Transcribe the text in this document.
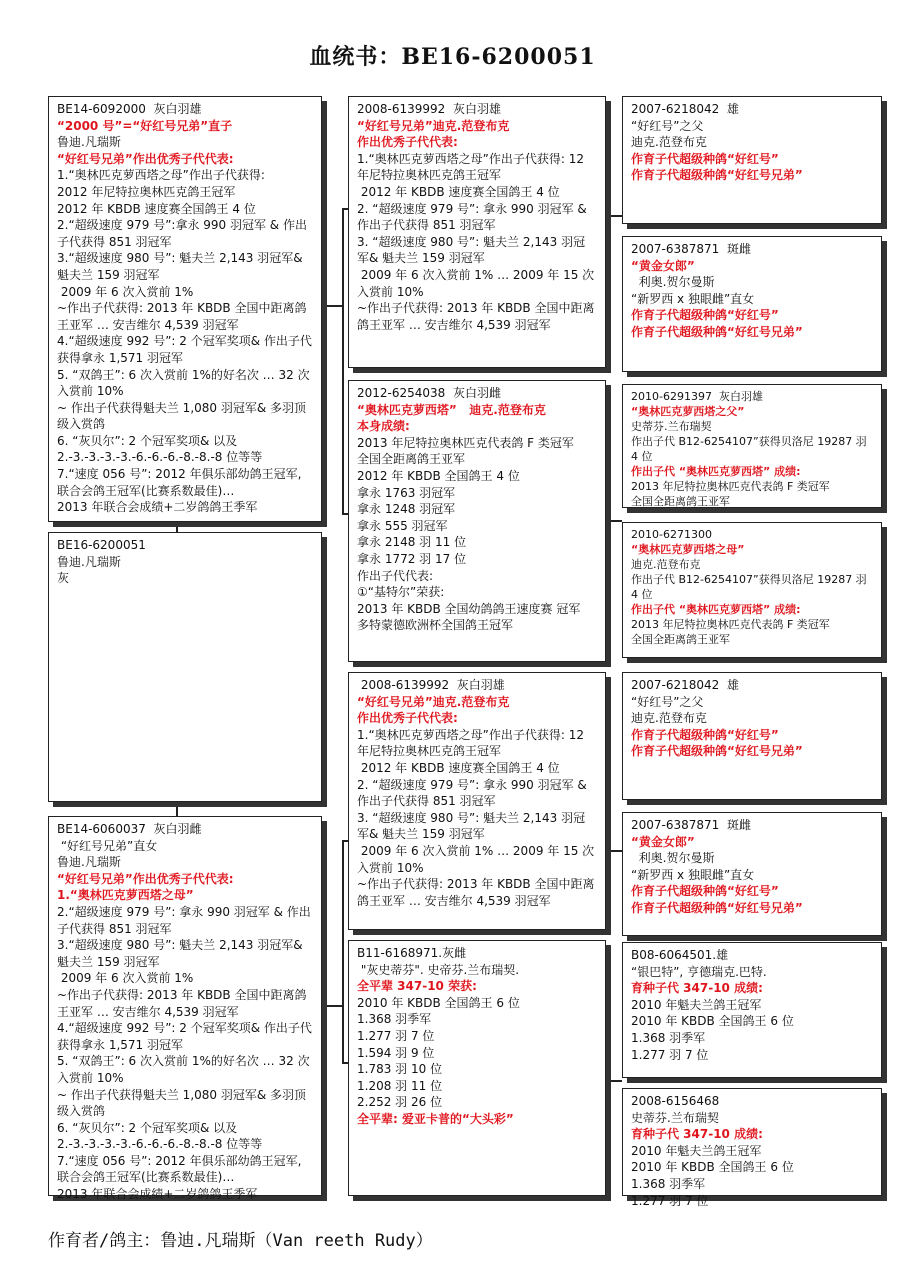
血统书：BE16-6200051
BE14-6092000  灰白羽雄
“2000 号”=“好红号兄弟”直子
鲁迪.凡瑞斯
“好红号兄弟”作出优秀子代代表:
1.“奥林匹克萝西塔之母”作出子代获得:
2012 年尼特拉奥林匹克鸽王冠军
2012 年 KBDB 速度赛全国鸽王 4 位
2.“超级速度 979 号”:拿永 990 羽冠军 & 作出子代获得 851 羽冠军
3.“超级速度 980 号”: 魁夫兰 2,143 羽冠军& 魁夫兰 159 羽冠军
2009 年 6 次入赏前 1%
~作出子代获得: 2013 年 KBDB 全国中距离鸽王亚军 … 安吉维尔 4,539 羽冠军
4.“超级速度 992 号”: 2 个冠军奖项& 作出子代获得拿永 1,571 羽冠军
5. “双鸽王”: 6 次入赏前 1%的好名次 … 32 次入赏前 10%
~ 作出子代获得魁夫兰 1,080 羽冠军& 多羽顶级入赏鸽
6. “灰贝尔”: 2 个冠军奖项& 以及 2.-3.-3.-3.-3.-6.-6.-6.-8.-8.-8 位等等
7.“速度 056 号”: 2012 年俱乐部幼鸽王冠军,联合会鸽王冠军(比赛系数最佳)…
2013 年联合会成绩+二岁鸽鸽王季军
BE16-6200051
鲁迪.凡瑞斯
灰
BE14-6060037  灰白羽雌
“好红号兄弟”直女
鲁迪.凡瑞斯
“好红号兄弟”作出优秀子代代表:
1.“奥林匹克萝西塔之母”
2.“超级速度 979 号”: 拿永 990 羽冠军 & 作出子代获得 851 羽冠军
3.“超级速度 980 号”: 魁夫兰 2,143 羽冠军& 魁夫兰 159 羽冠军
2009 年 6 次入赏前 1%
~作出子代获得: 2013 年 KBDB 全国中距离鸽王亚军 … 安吉维尔 4,539 羽冠军
4.“超级速度 992 号”: 2 个冠军奖项& 作出子代获得拿永 1,571 羽冠军
5. “双鸽王”: 6 次入赏前 1%的好名次 … 32 次入赏前 10%
~ 作出子代获得魁夫兰 1,080 羽冠军& 多羽顶级入赏鸽
6. “灰贝尔”: 2 个冠军奖项& 以及 2.-3.-3.-3.-3.-6.-6.-6.-8.-8.-8 位等等
7.“速度 056 号”: 2012 年俱乐部幼鸽王冠军,联合会鸽王冠军(比赛系数最佳)…
2013 年联合会成绩+二岁鸽鸽王季军
2008-6139992  灰白羽雄
“好红号兄弟”迪克.范登布克
作出优秀子代代表:
1.“奥林匹克萝西塔之母”作出子代获得: 12 年尼特拉奥林匹克鸽王冠军
2012 年 KBDB 速度赛全国鸽王 4 位
2. “超级速度 979 号”: 拿永 990 羽冠军 & 作出子代获得 851 羽冠军
3. “超级速度 980 号”: 魁夫兰 2,143 羽冠军& 魁夫兰 159 羽冠军
2009 年 6 次入赏前 1% … 2009 年 15 次入赏前 10%
~作出子代获得: 2013 年 KBDB 全国中距离鸽王亚军 … 安吉维尔 4,539 羽冠军
2012-6254038  灰白羽雌
“奥林匹克萝西塔”   迪克.范登布克
本身成绩:
2013 年尼特拉奥林匹克代表鸽 F 类冠军
全国全距离鸽王亚军
2012 年 KBDB 全国鸽王 4 位
拿永 1763 羽冠军
拿永 1248 羽冠军
拿永 555 羽冠军
拿永 2148 羽 11 位
拿永 1772 羽 17 位
作出子代代表:
①“基特尔”荣获:
2013 年 KBDB 全国幼鸽鸽王速度赛 冠军
多特蒙德欧洲杯全国鸽王冠军
2008-6139992  灰白羽雄
“好红号兄弟”迪克.范登布克
作出优秀子代代表:
1.“奥林匹克萝西塔之母”作出子代获得: 12 年尼特拉奥林匹克鸽王冠军
2012 年 KBDB 速度赛全国鸽王 4 位
2. “超级速度 979 号”: 拿永 990 羽冠军 & 作出子代获得 851 羽冠军
3. “超级速度 980 号”: 魁夫兰 2,143 羽冠军& 魁夫兰 159 羽冠军
2009 年 6 次入赏前 1% … 2009 年 15 次入赏前 10%
~作出子代获得: 2013 年 KBDB 全国中距离鸽王亚军 … 安吉维尔 4,539 羽冠军
B11-6168971.灰雌
"灰史蒂芬". 史帝芬.兰布瑞契.
全平辈 347-10 荣获:
2010 年 KBDB 全国鸽王 6 位
1.368 羽季军
1.277 羽 7 位
1.594 羽 9 位
1.783 羽 10 位
1.208 羽 11 位
2.252 羽 26 位
全平辈: 爱亚卡普的“大头彩”
2007-6218042  雄
“好红号”之父
迪克.范登布克
作育子代超级种鸽“好红号”
作育子代超级种鸽“好红号兄弟”
2007-6387871  斑雌
“黄金女郎”
利奥.贺尔曼斯
“新罗西 x 独眼雌”直女
作育子代超级种鸽“好红号”
作育子代超级种鸽“好红号兄弟”
2010-6291397  灰白羽雄
“奥林匹克萝西塔之父”
史蒂芬.兰布瑞契
作出子代 B12-6254107”获得贝洛尼 19287 羽 4 位
作出子代 “奥林匹克萝西塔” 成绩:
2013 年尼特拉奥林匹克代表鸽 F 类冠军
全国全距离鸽王亚军
2010-6271300
“奥林匹克萝西塔之母”
迪克.范登布克
作出子代 B12-6254107”获得贝洛尼 19287 羽 4 位
作出子代 “奥林匹克萝西塔” 成绩:
2013 年尼特拉奥林匹克代表鸽 F 类冠军
全国全距离鸽王亚军
2007-6218042  雄
“好红号”之父
迪克.范登布克
作育子代超级种鸽“好红号”
作育子代超级种鸽“好红号兄弟”
2007-6387871  斑雌
“黄金女郎”
利奥.贺尔曼斯
“新罗西 x 独眼雌”直女
作育子代超级种鸽“好红号”
作育子代超级种鸽“好红号兄弟”
B08-6064501.雄
“银巴特”, 亨德瑞克.巴特.
育种子代 347-10 成绩:
2010 年魁夫兰鸽王冠军
2010 年 KBDB 全国鸽王 6 位
1.368 羽季军
1.277 羽 7 位
2008-6156468
史蒂芬.兰布瑞契
育种子代 347-10 成绩:
2010 年魁夫兰鸽王冠军
2010 年 KBDB 全国鸽王 6 位
1.368 羽季军
1.277 羽 7 位
作育者/鸽主：鲁迪.凡瑞斯（Van reeth Rudy）
